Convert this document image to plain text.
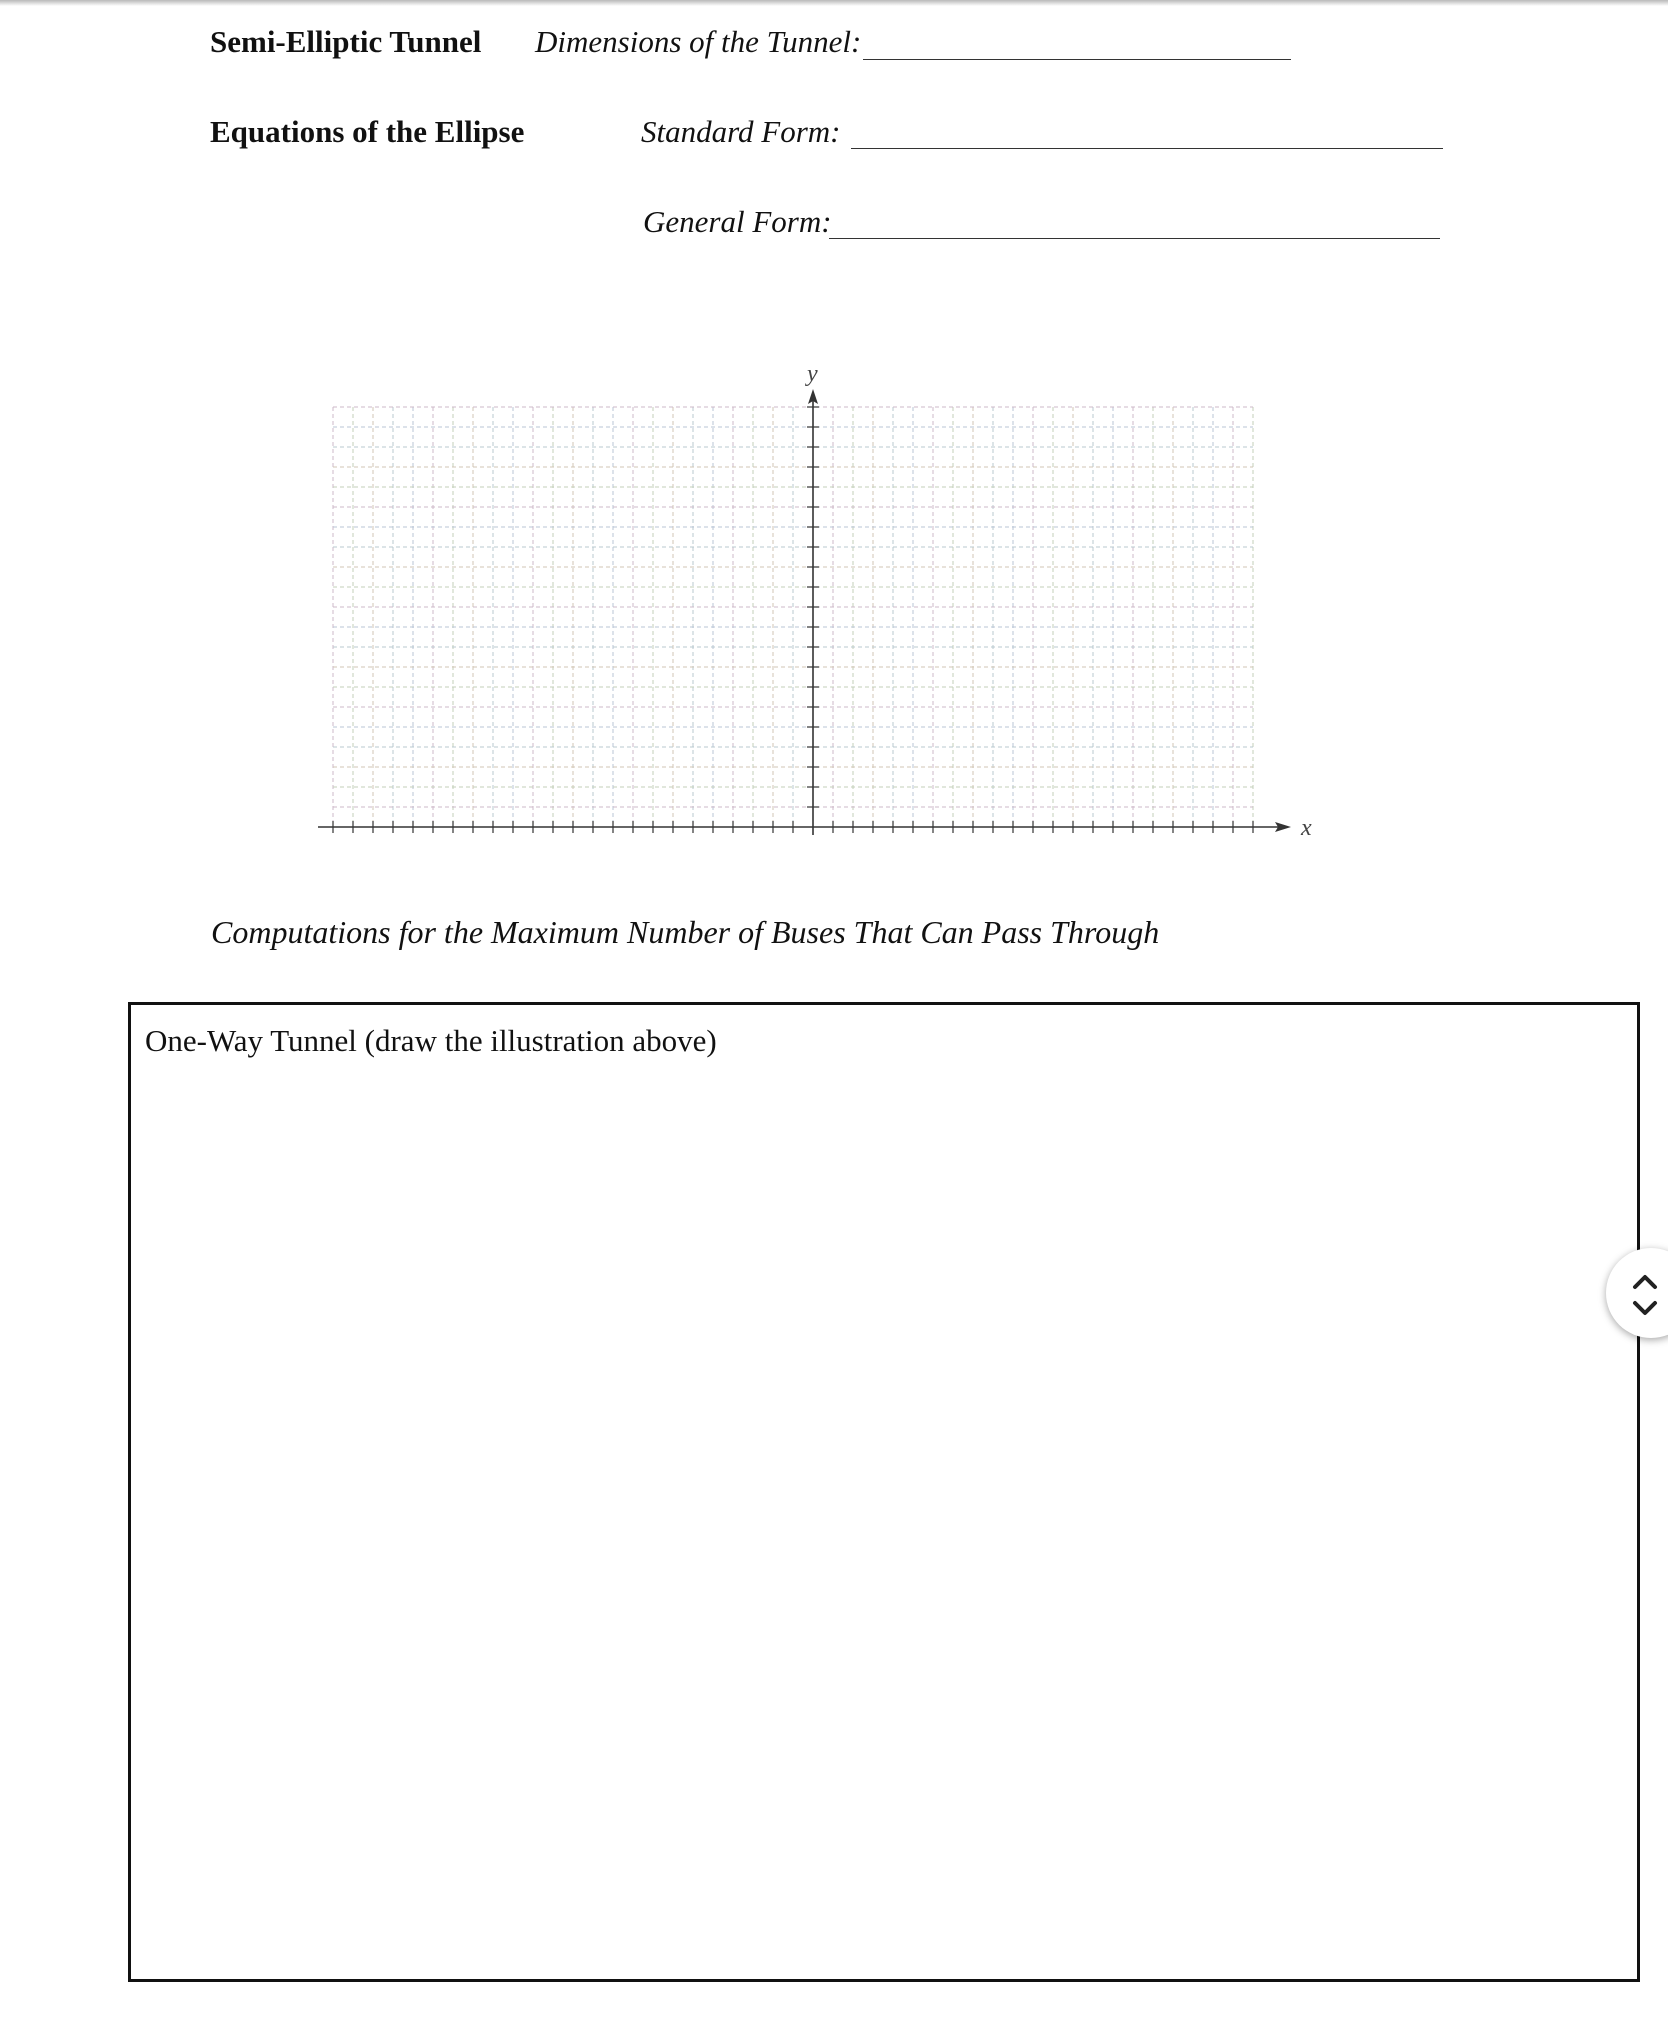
Semi-Elliptic Tunnel Dimensions of the Tunnel:
Equations of the Ellipse	Standard Form:
General Form:
y
x
Computations for the Maximum Number of Buses That Can Pass Through
One-Way Tunnel (draw the illustration above)
